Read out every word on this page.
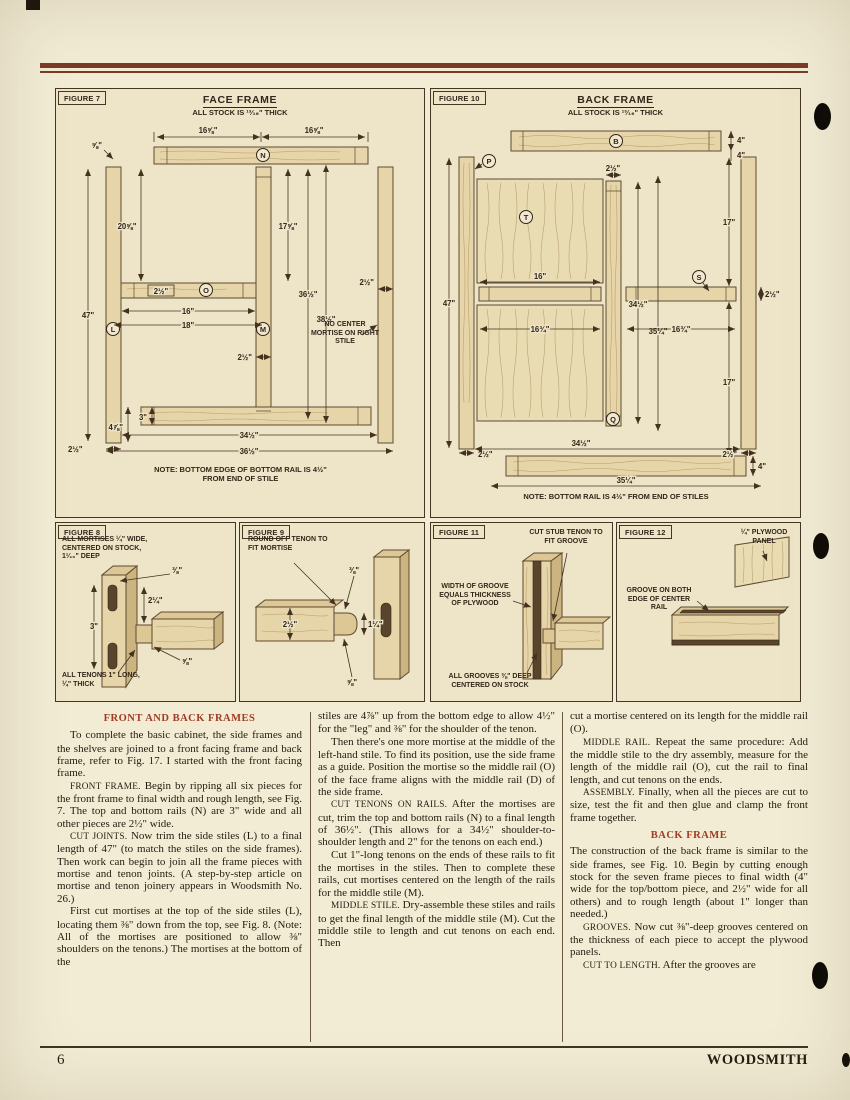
FIGURE 7	FACE FRAME
ALL STOCK IS ¹³⁄₁₆" THICK
N
L
O
M
16⅝"	16⅝"
⅝"
20⅝"
47"
2½"
16"
18"
17⅝"
36½"
38½"
2½"
2½"
3"
4⅞"
2½"
34½"
36½"
NO CENTER MORTISE ON RIGHT STILE
NOTE: BOTTOM EDGE OF BOTTOM RAIL IS 4½" FROM END OF STILE
FIGURE 10	BACK FRAME
ALL STOCK IS ¹³⁄₁₆" THICK
B
P
T
S
Q
4"
4"
2½"
47"
17"
16"
2½"
34½"
35¼"
16¾"	16¾"
17"
2½"	2½"
4"
34½"
35¼"
NOTE: BOTTOM RAIL IS 4½" FROM END OF STILES
FIGURE 8
3"
2¼"
⅜"
⅝"
ALL MORTISES ¼" WIDE, CENTERED ON STOCK, 1¹⁄₁₆" DEEP
ALL TENONS 1" LONG, ¼" THICK
FIGURE 9
⅜"
2½"	1¼"
⅝"
ROUND OFF TENON TO FIT MORTISE
FIGURE 11	CUT STUB TENON TO FIT GROOVE
WIDTH OF GROOVE EQUALS THICKNESS OF PLYWOOD
ALL GROOVES ⅜" DEEP CENTERED ON STOCK
FIGURE 12	¼" PLYWOOD PANEL
GROOVE ON BOTH EDGE OF CENTER RAIL
FRONT AND BACK FRAMES

To complete the basic cabinet, the side frames and the shelves are joined to a front facing frame and back frame, refer to Fig. 17. I started with the front facing frame.

FRONT FRAME. Begin by ripping all six pieces for the front frame to final width and rough length, see Fig. 7. The top and bottom rails (N) are 3" wide and all other pieces are 2½" wide.

CUT JOINTS. Now trim the side stiles (L) to a final length of 47" (to match the stiles on the side frames). Then work can begin to join all the frame pieces with mortise and tenon joints. (A step-by-step article on mortise and tenon joinery appears in Woodsmith No. 26.)

First cut mortises at the top of the side stiles (L), locating them ⅜" down from the top, see Fig. 8. (Note: All of the mortises are positioned to allow ⅜" shoulders on the tenons.) The mortises at the bottom of the

stiles are 4⅞" up from the bottom edge to allow 4½" for the "leg" and ⅜" for the shoulder of the tenon.

Then there's one more mortise at the middle of the left-hand stile. To find its position, use the side frame as a guide. Position the mortise so the middle rail (O) of the face frame aligns with the middle rail (D) of the side frame.

CUT TENONS ON RAILS. After the mortises are cut, trim the top and bottom rails (N) to a final length of 36½". (This allows for a 34½" shoulder-to-shoulder length and 2" for the tenons on each end.)

Cut 1"-long tenons on the ends of these rails to fit the mortises in the stiles. Then to complete these rails, cut mortises centered on the length of the rails for the middle stile (M).

MIDDLE STILE. Dry-assemble these stiles and rails to get the final length of the middle stile (M). Cut the middle stile to length and cut tenons on each end. Then

cut a mortise centered on its length for the middle rail (O).

MIDDLE RAIL. Repeat the same procedure: Add the middle stile to the dry assembly, measure for the length of the middle rail (O), cut the rail to final length, and cut tenons on the ends.

ASSEMBLY. Finally, when all the pieces are cut to size, test the fit and then glue and clamp the front frame together.

BACK FRAME

The construction of the back frame is similar to the side frames, see Fig. 10. Begin by cutting enough stock for the seven frame pieces to final width (4" wide for the top/bottom piece, and 2½" wide for all others) and to rough length (about 1" longer than needed.)

GROOVES. Now cut ⅜"-deep grooves centered on the thickness of each piece to accept the plywood panels.

CUT TO LENGTH. After the grooves are

6	WOODSMITH
